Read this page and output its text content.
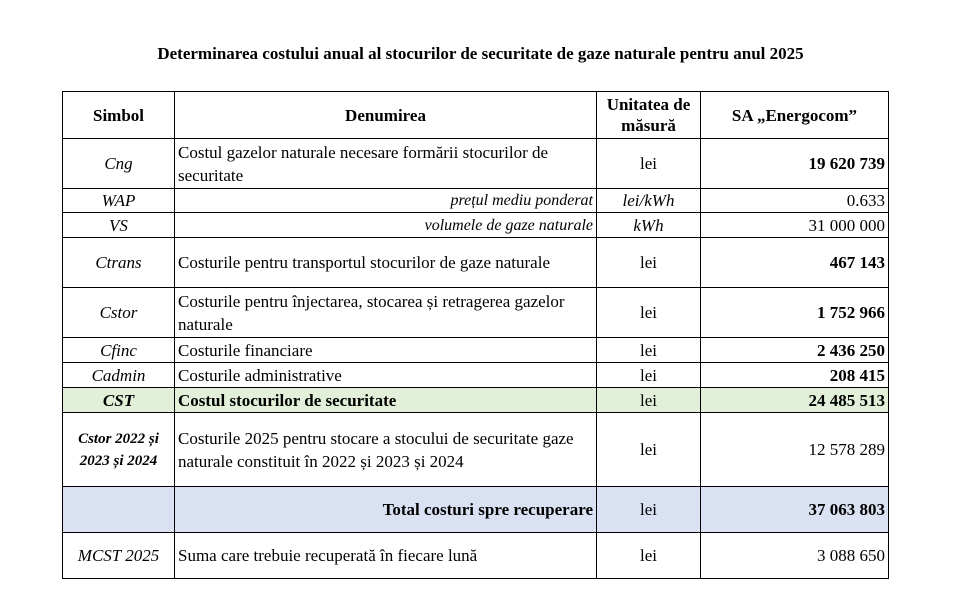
Determinarea costului anual al stocurilor de securitate de gaze naturale pentru anul 2025
Simbol	Denumirea	Unitatea de măsură	SA „Energocom”
Cng	Costul gazelor naturale necesare formării stocurilor de securitate	lei	19 620 739
WAP	prețul mediu ponderat	lei/kWh	0.633
VS	volumele de gaze naturale	kWh	31 000 000
Ctrans	Costurile pentru transportul stocurilor de gaze naturale	lei	467 143
Cstor	Costurile pentru înjectarea, stocarea și retragerea gazelor naturale	lei	1 752 966
Cfinc	Costurile financiare	lei	2 436 250
Cadmin	Costurile administrative	lei	208 415
CST	Costul stocurilor de securitate	lei	24 485 513
Cstor 2022 și 2023 și 2024	Costurile 2025 pentru stocare a stocului de securitate gaze naturale constituit în 2022 și 2023 și 2024	lei	12 578 289
	Total costuri spre recuperare	lei	37 063 803
MCST 2025	Suma care trebuie recuperată în fiecare lună	lei	3 088 650
